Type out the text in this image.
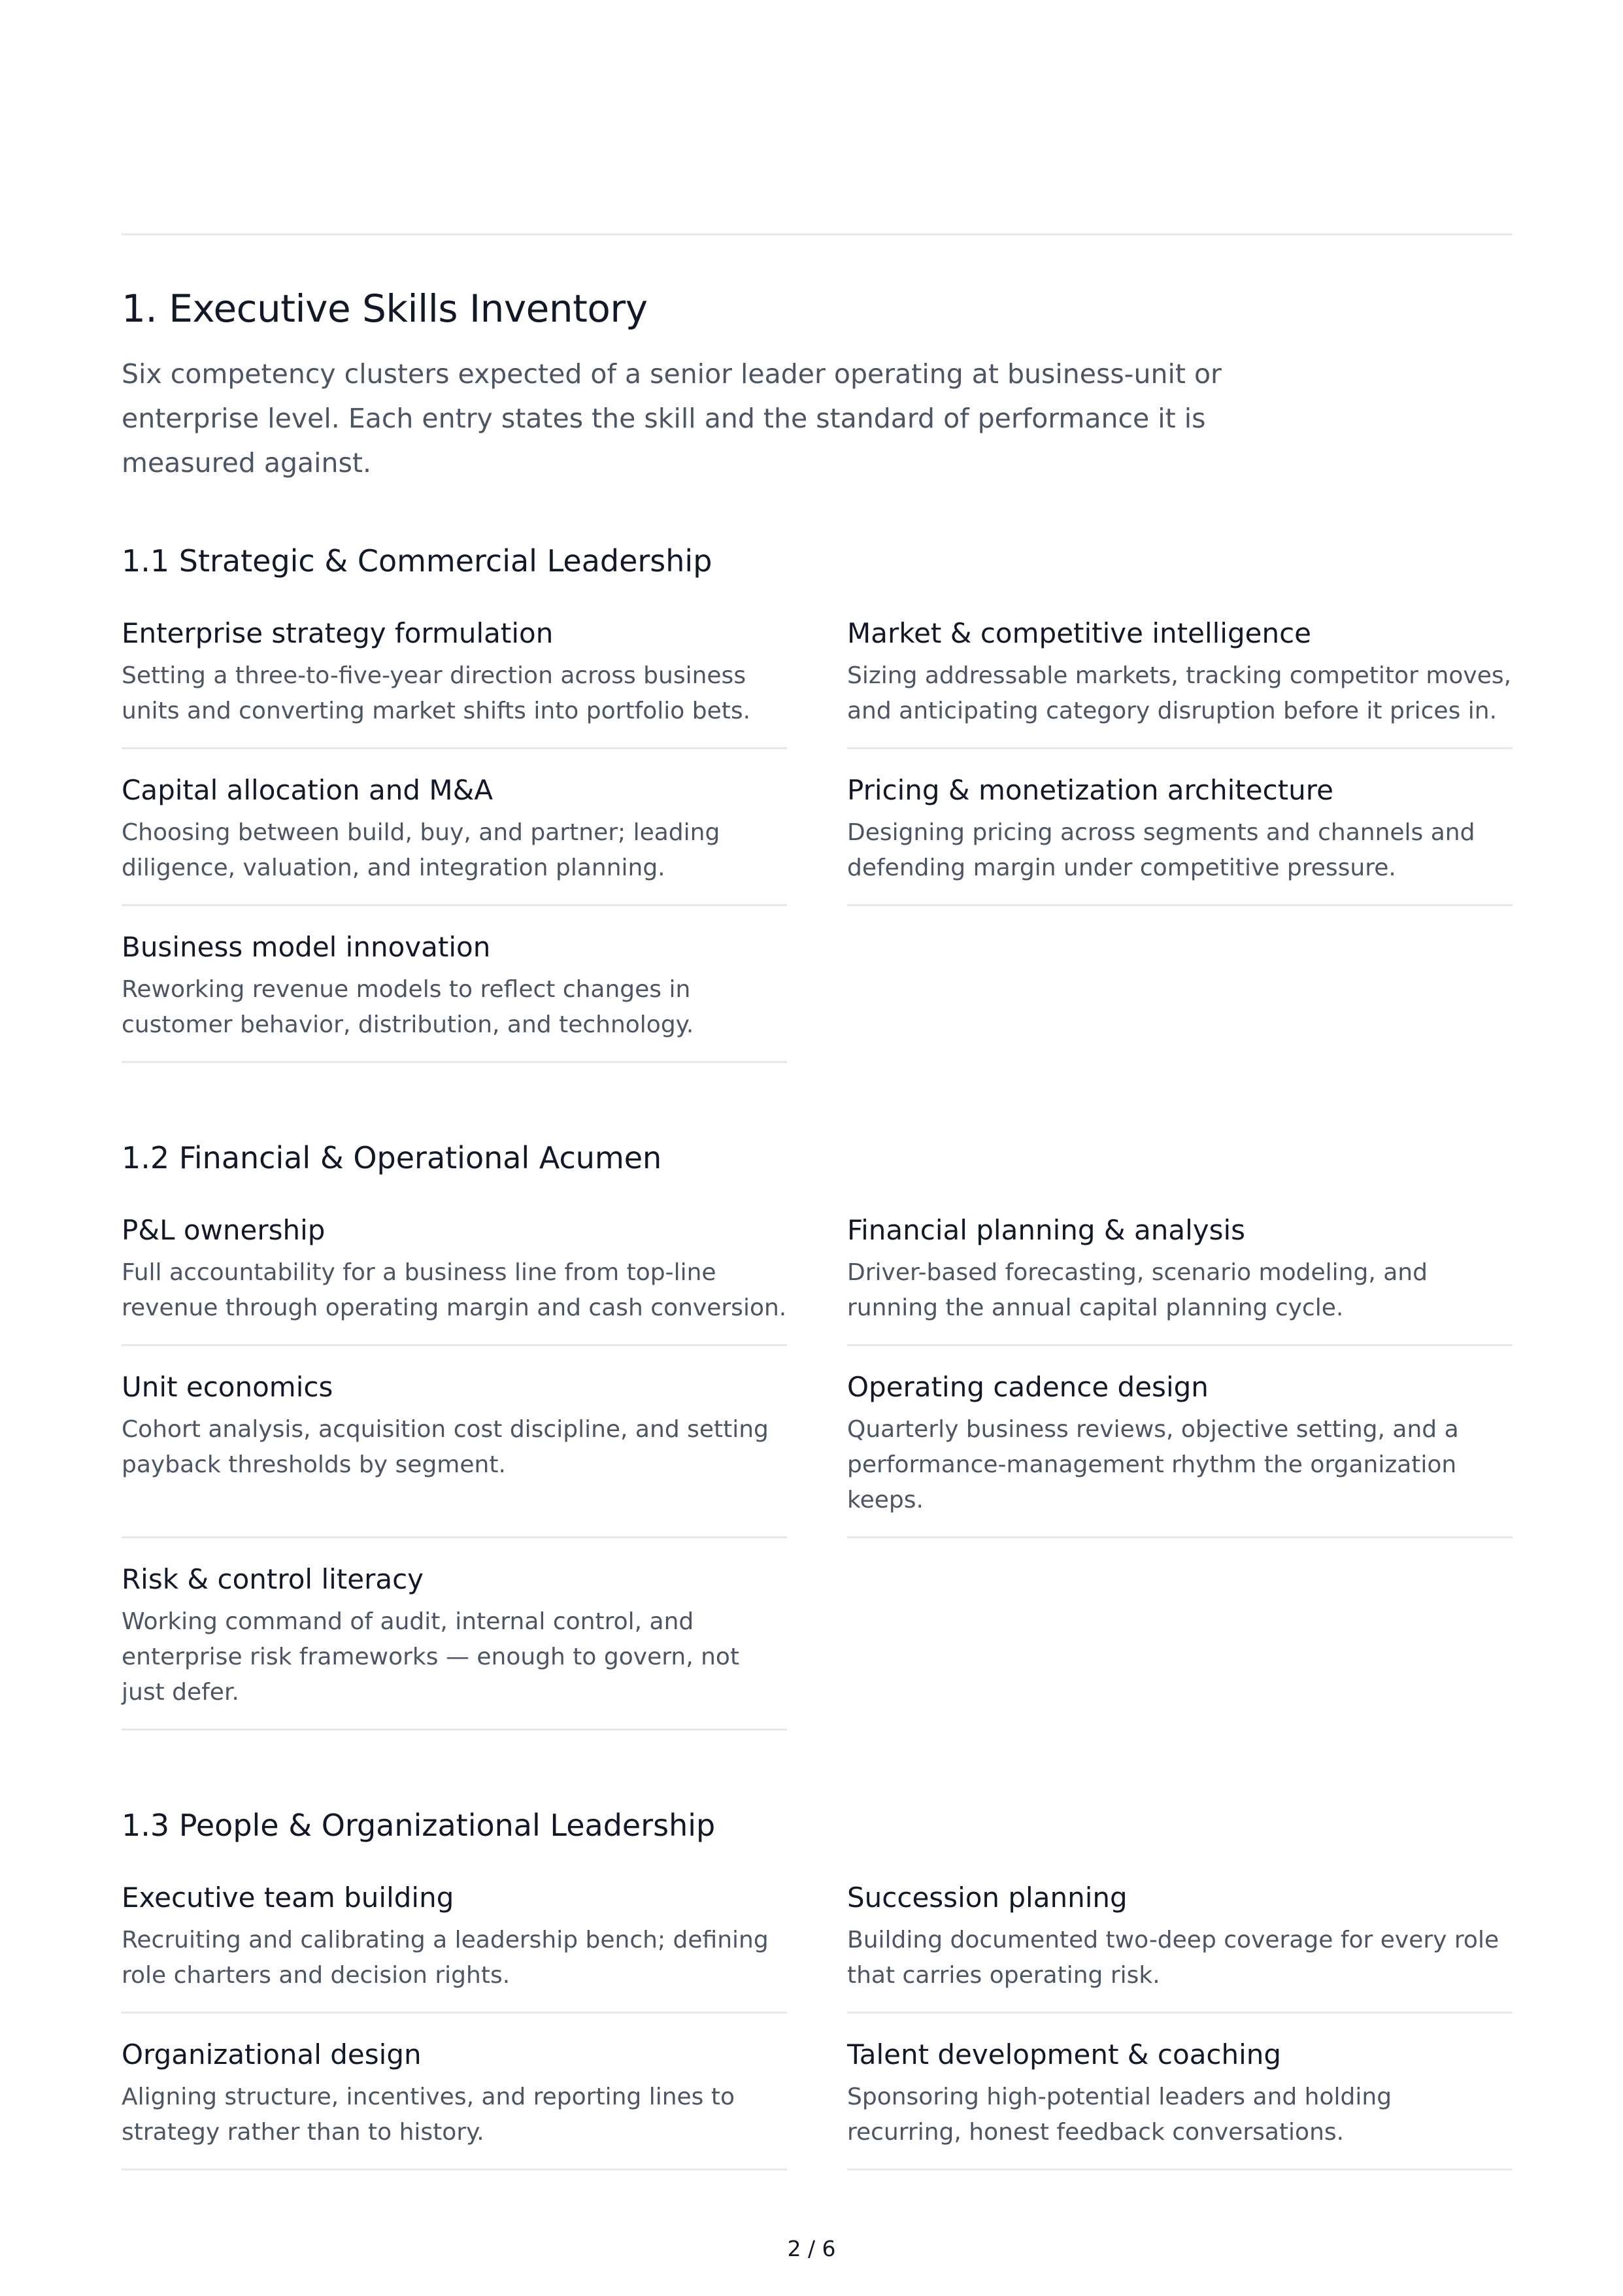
1. Executive Skills Inventory

Six competency clusters expected of a senior leader operating at business-unit or enterprise level. Each entry states the skill and the standard of performance it is measured against.

1.1 Strategic & Commercial Leadership

Enterprise strategy formulation

Setting a three-to-five-year direction across business units and converting market shifts into portfolio bets.

Market & competitive intelligence

Sizing addressable markets, tracking competitor moves, and anticipating category disruption before it prices in.

Capital allocation and M&A

Choosing between build, buy, and partner; leading diligence, valuation, and integration planning.

Pricing & monetization architecture

Designing pricing across segments and channels and defending margin under competitive pressure.

Business model innovation

Reworking revenue models to reflect changes in customer behavior, distribution, and technology.

1.2 Financial & Operational Acumen

P&L ownership

Full accountability for a business line from top-line revenue through operating margin and cash conversion.

Financial planning & analysis

Driver-based forecasting, scenario modeling, and running the annual capital planning cycle.

Unit economics

Cohort analysis, acquisition cost discipline, and setting payback thresholds by segment.

Operating cadence design

Quarterly business reviews, objective setting, and a performance-management rhythm the organization keeps.

Risk & control literacy

Working command of audit, internal control, and enterprise risk frameworks — enough to govern, not just defer.

1.3 People & Organizational Leadership

Executive team building

Recruiting and calibrating a leadership bench; defining role charters and decision rights.

Succession planning

Building documented two-deep coverage for every role that carries operating risk.

Organizational design

Aligning structure, incentives, and reporting lines to strategy rather than to history.

Talent development & coaching

Sponsoring high-potential leaders and holding recurring, honest feedback conversations.

2 / 6
